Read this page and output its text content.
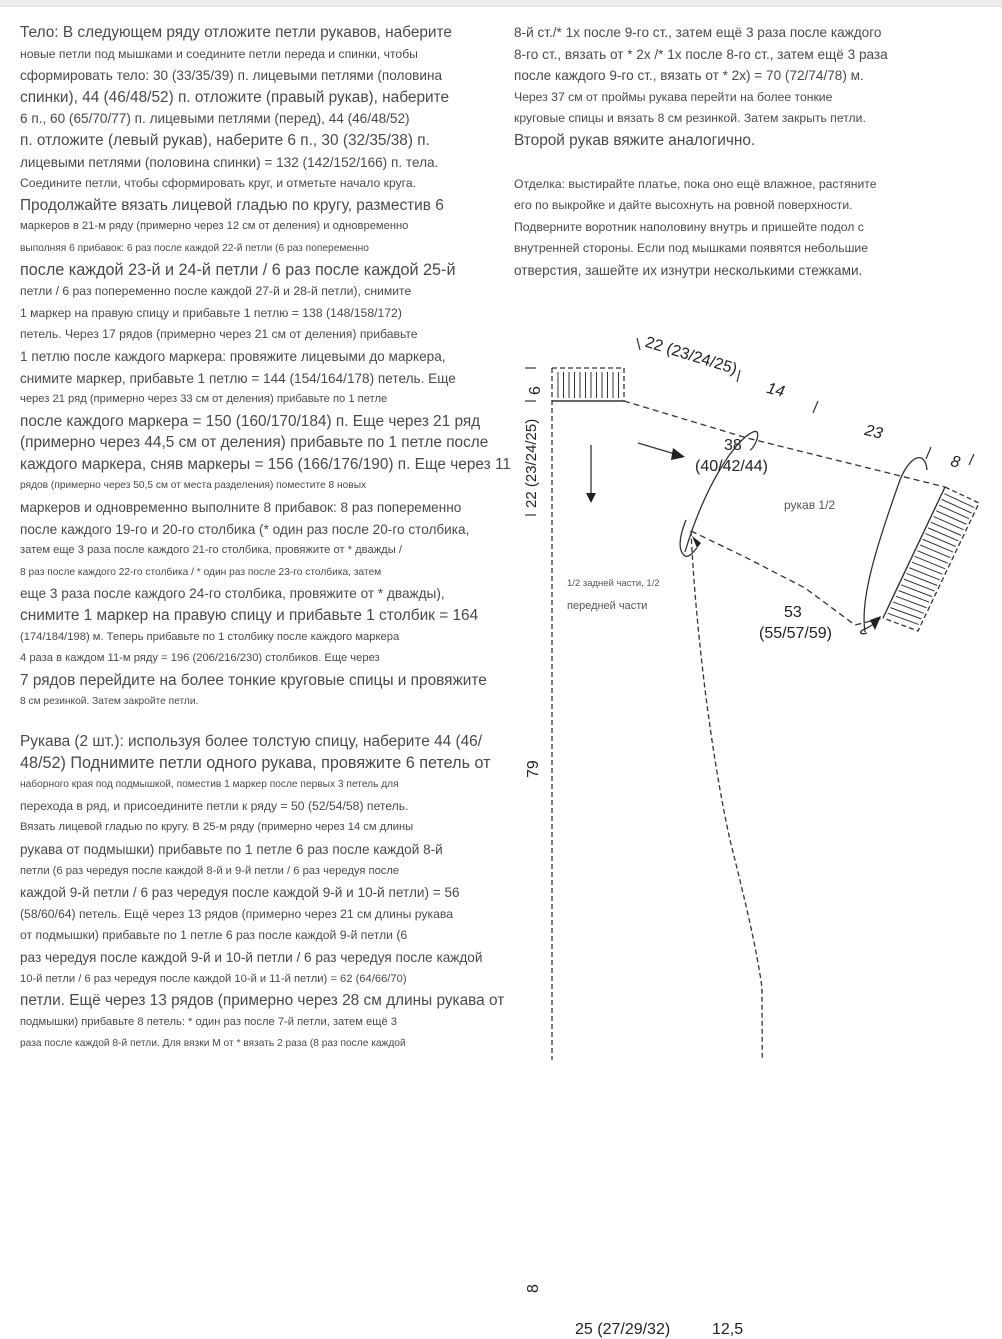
Тело: В следующем ряду отложите петли рукавов, наберите
новые петли под мышками и соедините петли переда и спинки, чтобы
сформировать тело: 30 (33/35/39) п. лицевыми петлями (половина
спинки), 44 (46/48/52) п. отложите (правый рукав), наберите
6 п., 60 (65/70/77) п. лицевыми петлями (перед), 44 (46/48/52)
п. отложите (левый рукав), наберите 6 п., 30 (32/35/38) п.
лицевыми петлями (половина спинки) = 132 (142/152/166) п. тела.
Соедините петли, чтобы сформировать круг, и отметьте начало круга.
Продолжайте вязать лицевой гладью по кругу, разместив 6
маркеров в 21-м ряду (примерно через 12 см от деления) и одновременно
выполняя 6 прибавок: 6 раз после каждой 22-й петли (6 раз попеременно
после каждой 23-й и 24-й петли / 6 раз после каждой 25-й
петли / 6 раз попеременно после каждой 27-й и 28-й петли), снимите
1 маркер на правую спицу и прибавьте 1 петлю = 138 (148/158/172)
петель. Через 17 рядов (примерно через 21 см от деления) прибавьте
1 петлю после каждого маркера: провяжите лицевыми до маркера,
снимите маркер, прибавьте 1 петлю = 144 (154/164/178) петель. Еще
через 21 ряд (примерно через 33 см от деления) прибавьте по 1 петле
после каждого маркера = 150 (160/170/184) п. Еще через 21 ряд
(примерно через 44,5 см от деления) прибавьте по 1 петле после
каждого маркера, сняв маркеры = 156 (166/176/190) п. Еще через 11
рядов (примерно через 50,5 см от места разделения) поместите 8 новых
маркеров и одновременно выполните 8 прибавок: 8 раз попеременно
после каждого 19-го и 20-го столбика (* один раз после 20-го столбика,
затем еще 3 раза после каждого 21-го столбика, провяжите от * дважды /
8 раз после каждого 22-го столбика / * один раз после 23-го столбика, затем
еще 3 раза после каждого 24-го столбика, провяжите от * дважды),
снимите 1 маркер на правую спицу и прибавьте 1 столбик = 164
(174/184/198) м. Теперь прибавьте по 1 столбику после каждого маркера
4 раза в каждом 11-м ряду = 196 (206/216/230) столбиков. Еще через
7 рядов перейдите на более тонкие круговые спицы и провяжите
8 см резинкой. Затем закройте петли.
Рукава (2 шт.): используя более толстую спицу, наберите 44 (46/
48/52) Поднимите петли одного рукава, провяжите 6 петель от
наборного края под подмышкой, поместив 1 маркер после первых 3 петель для
перехода в ряд, и присоедините петли к ряду = 50 (52/54/58) петель.
Вязать лицевой гладью по кругу. В 25-м ряду (примерно через 14 см длины
рукава от подмышки) прибавьте по 1 петле 6 раз после каждой 8-й
петли (6 раз чередуя после каждой 8-й и 9-й петли / 6 раз чередуя после
каждой 9-й петли / 6 раз чередуя после каждой 9-й и 10-й петли) = 56
(58/60/64) петель. Ещё через 13 рядов (примерно через 21 см длины рукава
от подмышки) прибавьте по 1 петле 6 раз после каждой 9-й петли (6
раз чередуя после каждой 9-й и 10-й петли / 6 раз чередуя после каждой
10-й петли / 6 раз чередуя после каждой 10-й и 11-й петли) = 62 (64/66/70)
петли. Ещё через 13 рядов (примерно через 28 см длины рукава от
подмышки) прибавьте 8 петель: * один раз после 7-й петли, затем ещё 3
раза после каждой 8-й петли. Для вязки М от * вязать 2 раза (8 раз после каждой
8-й ст./* 1х после 9-го ст., затем ещё 3 раза после каждого
8-го ст., вязать от * 2х /* 1х после 8-го ст., затем ещё 3 раза
после каждого 9-го ст., вязать от * 2х) = 70 (72/74/78) м.
Через 37 см от проймы рукава перейти на более тонкие
круговые спицы и вязать 8 см резинкой. Затем закрыть петли.
Второй рукав вяжите аналогично.
Отделка: выстирайте платье, пока оно ещё влажное, растяните
его по выкройке и дайте высохнуть на ровной поверхности.
Подверните воротник наполовину внутрь и пришейте подол с
внутренней стороны. Если под мышками появятся небольшие
отверстия, зашейте их изнутри несколькими стежками.
6
22 (23/24/25)
79
8
25 (27/29/32)	12,5
22 (23/24/25)
14
23
8
38
(40/42/44)
53
(55/57/59)
рукав 1/2
1/2 задней части, 1/2
передней части
